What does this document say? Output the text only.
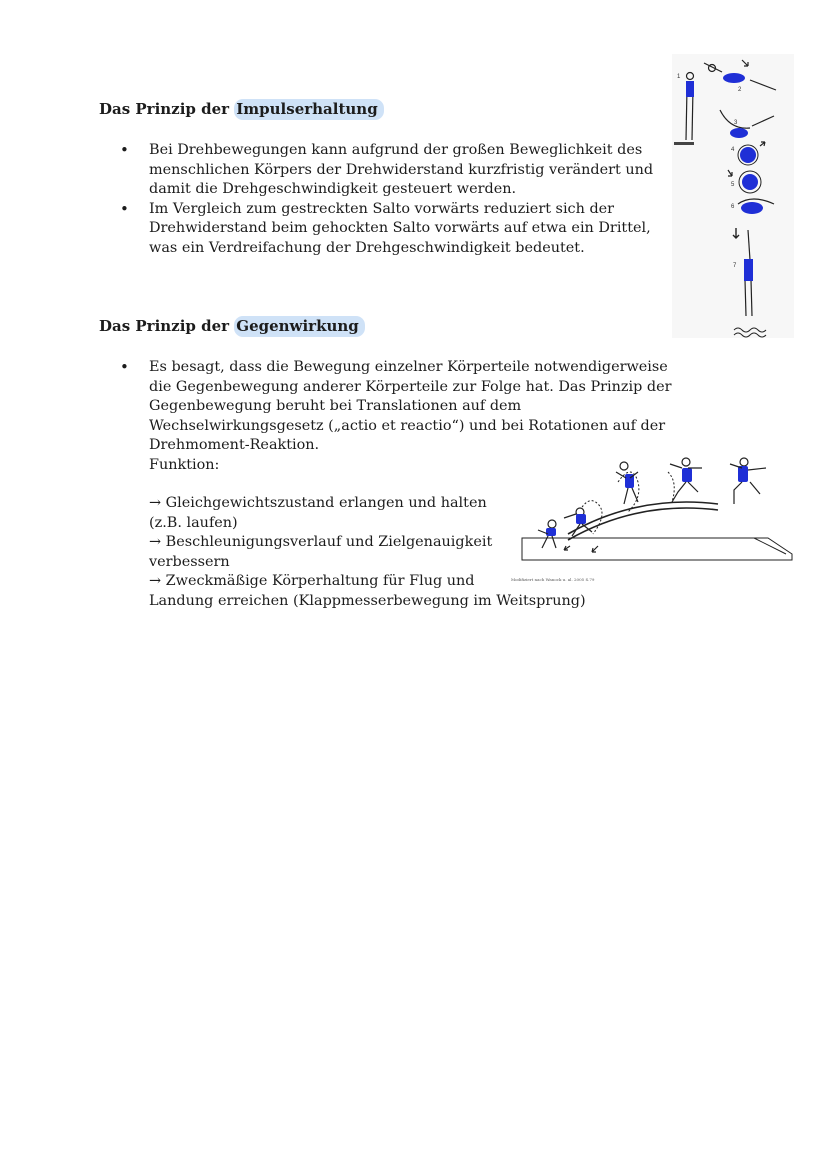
Das Prinzip der Impulserhaltung
• Bei Drehbewegungen kann aufgrund der großen Beweglichkeit des menschlichen Körpers der Drehwiderstand kurzfristig verändert und damit die Drehgeschwindigkeit gesteuert werden.
• Im Vergleich zum gestreckten Salto vorwärts reduziert sich der Drehwiderstand beim gehockten Salto vorwärts auf etwa ein Drittel, was ein Verdreifachung der Drehgeschwindigkeit bedeutet.
1
2
3
4
5
6
7
Das Prinzip der Gegenwirkung
• Es besagt, dass die Bewegung einzelner Körperteile notwendigerweise die Gegenbewegung anderer Körperteile zur Folge hat. Das Prinzip der Gegenbewegung beruht bei Translationen auf dem Wechselwirkungsgesetz („actio et reactio“) und bei Rotationen auf der Drehmoment-Reaktion.

Funktion:

→ Gleichgewichtszustand erlangen und halten
(z.B. laufen)
→ Beschleunigungsverlauf und Zielgenauigkeit
verbessern
→ Zweckmäßige Körperhaltung für Flug und
Landung erreichen (Klappmesserbewegung im Weitsprung)
Modifiziert nach Wanock u. al. 2005 S.79
